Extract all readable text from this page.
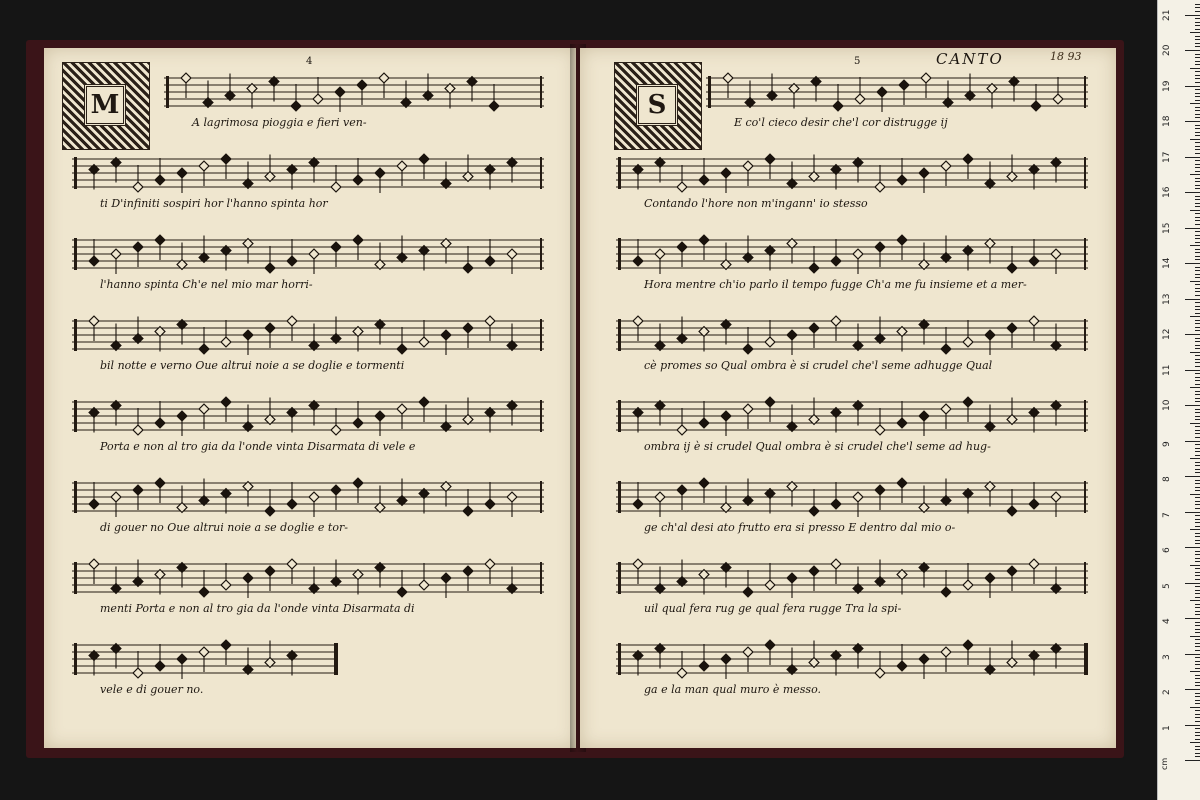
4
M
A lagrimosa pioggia e fieri ven-
ti D'infiniti sospiri hor l'hanno spinta hor
l'hanno spinta Ch'e nel mio mar horri-
bil notte e verno Oue altrui noie a se doglie e tormenti
Porta e non al tro gia da l'onde vinta Disarmata di vele e
di gouer no Oue altrui noie a se doglie e tor-
menti Porta e non al tro gia da l'onde vinta Disarmata di
vele e di gouer no.
5	CANTO	18 93
S
E co'l cieco desir che'l cor distrugge ij
Contando l'hore non m'ingann' io stesso
Hora mentre ch'io parlo il tempo fugge Ch'a me fu insieme et a mer-
cè promes so Qual ombra è si crudel che'l seme adhugge Qual
ombra ij è si crudel Qual ombra è si crudel che'l seme ad hug-
ge ch'al desi ato frutto era si presso E dentro dal mio o-
uil qual fera rug ge qual fera rugge Tra la spi-
ga e la man qual muro è messo.
1
2
3
4
5
6
7
8
9
10
11
12
13
14
15
16
17
18
19
20
21
cm
